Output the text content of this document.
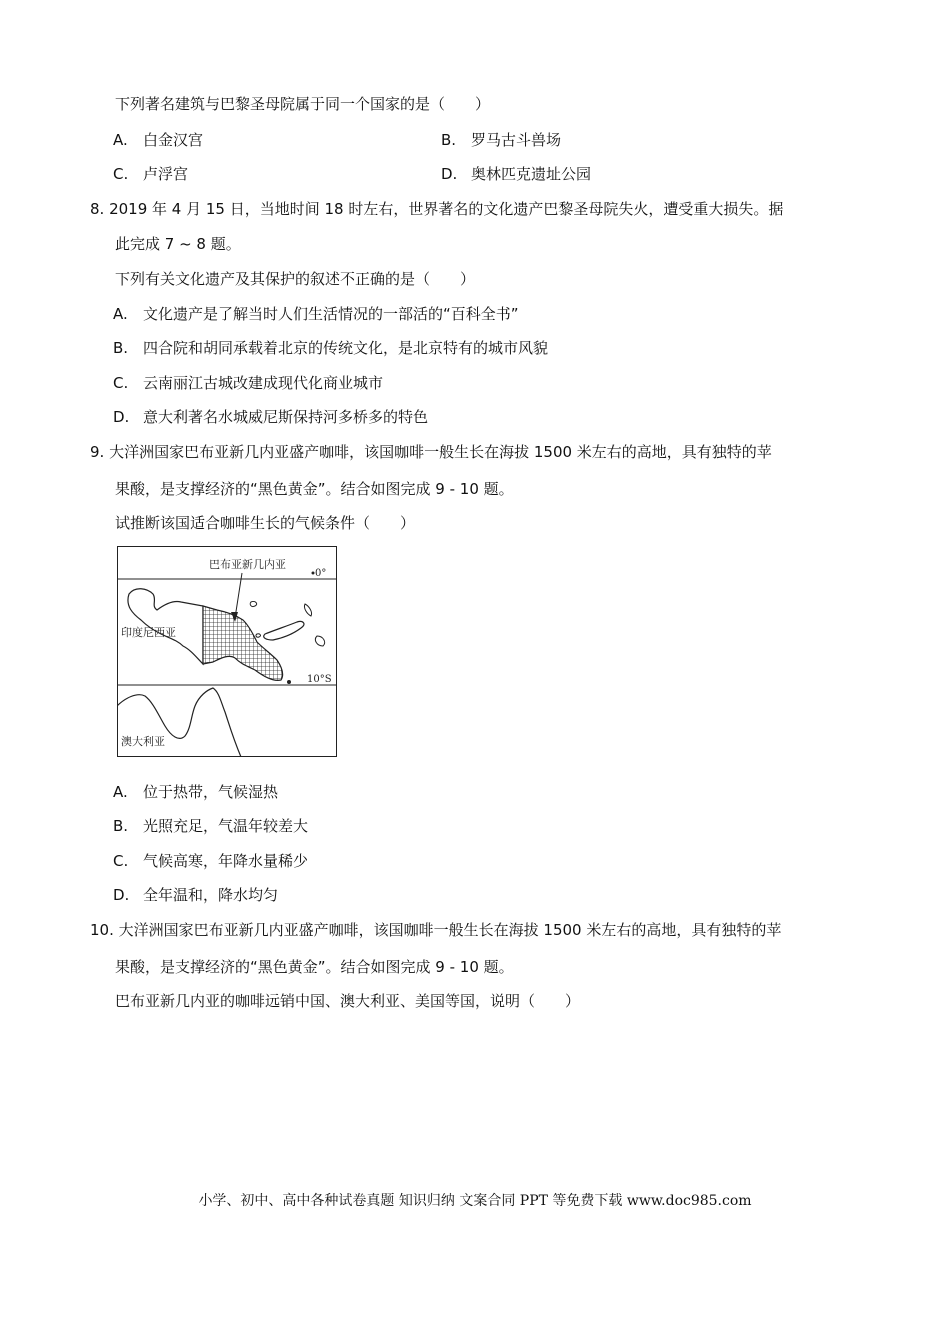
下列著名建筑与巴黎圣母院属于同一个国家的是（　　）
A. 白金汉宫	B. 罗马古斗兽场
C. 卢浮宫	D. 奥林匹克遗址公园
8. 2019 年 4 月 15 日，当地时间 18 时左右，世界著名的文化遗产巴黎圣母院失火，遭受重大损失。据
此完成 7 ~ 8 题。
下列有关文化遗产及其保护的叙述不正确的是（　　）
A. 文化遗产是了解当时人们生活情况的一部活的“百科全书”
B. 四合院和胡同承载着北京的传统文化，是北京特有的城市风貌
C. 云南丽江古城改建成现代化商业城市
D. 意大利著名水城威尼斯保持河多桥多的特色
9. 大洋洲国家巴布亚新几内亚盛产咖啡，该国咖啡一般生长在海拔 1500 米左右的高地，具有独特的苹
果酸，是支撑经济的“黑色黄金”。结合如图完成 9 - 10 题。
试推断该国适合咖啡生长的气候条件（　　）
巴布亚新几内亚
0°
印度尼西亚
10°S
澳大利亚
A. 位于热带，气候湿热
B. 光照充足，气温年较差大
C. 气候高寒，年降水量稀少
D. 全年温和，降水均匀
10. 大洋洲国家巴布亚新几内亚盛产咖啡，该国咖啡一般生长在海拔 1500 米左右的高地，具有独特的苹
果酸，是支撑经济的“黑色黄金”。结合如图完成 9 - 10 题。
巴布亚新几内亚的咖啡远销中国、澳大利亚、美国等国，说明（　　）
小学、初中、高中各种试卷真题 知识归纳 文案合同 PPT 等免费下载 www.doc985.com
